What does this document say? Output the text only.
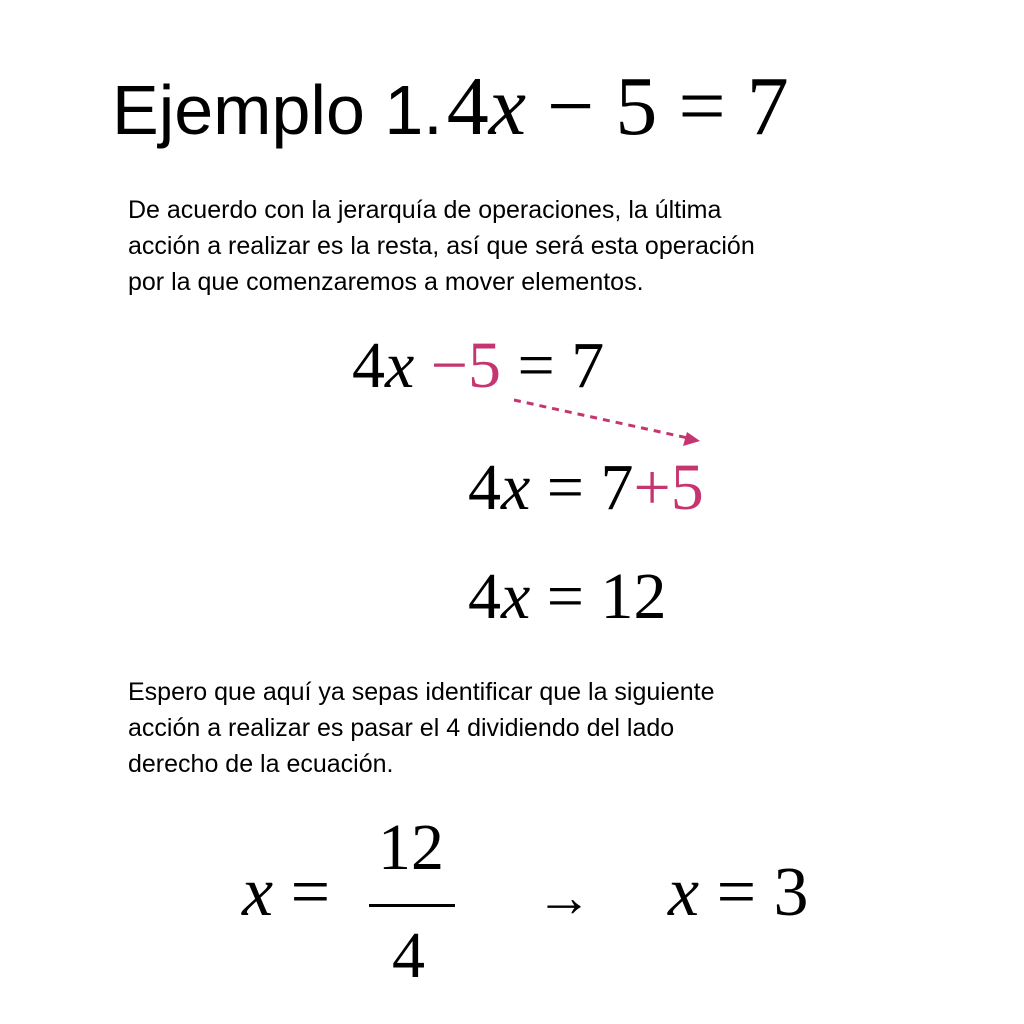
Ejemplo 1. 4x − 5 = 7
De acuerdo con la jerarquía de operaciones, la última
acción a realizar es la resta, así que será esta operación
por la que comenzaremos a mover elementos.
4x −5 = 7
4x = 7+5
4x = 12
Espero que aquí ya sepas identificar que la siguiente
acción a realizar es pasar el 4 dividiendo del lado
derecho de la ecuación.
x =
12
4
→ x = 3
